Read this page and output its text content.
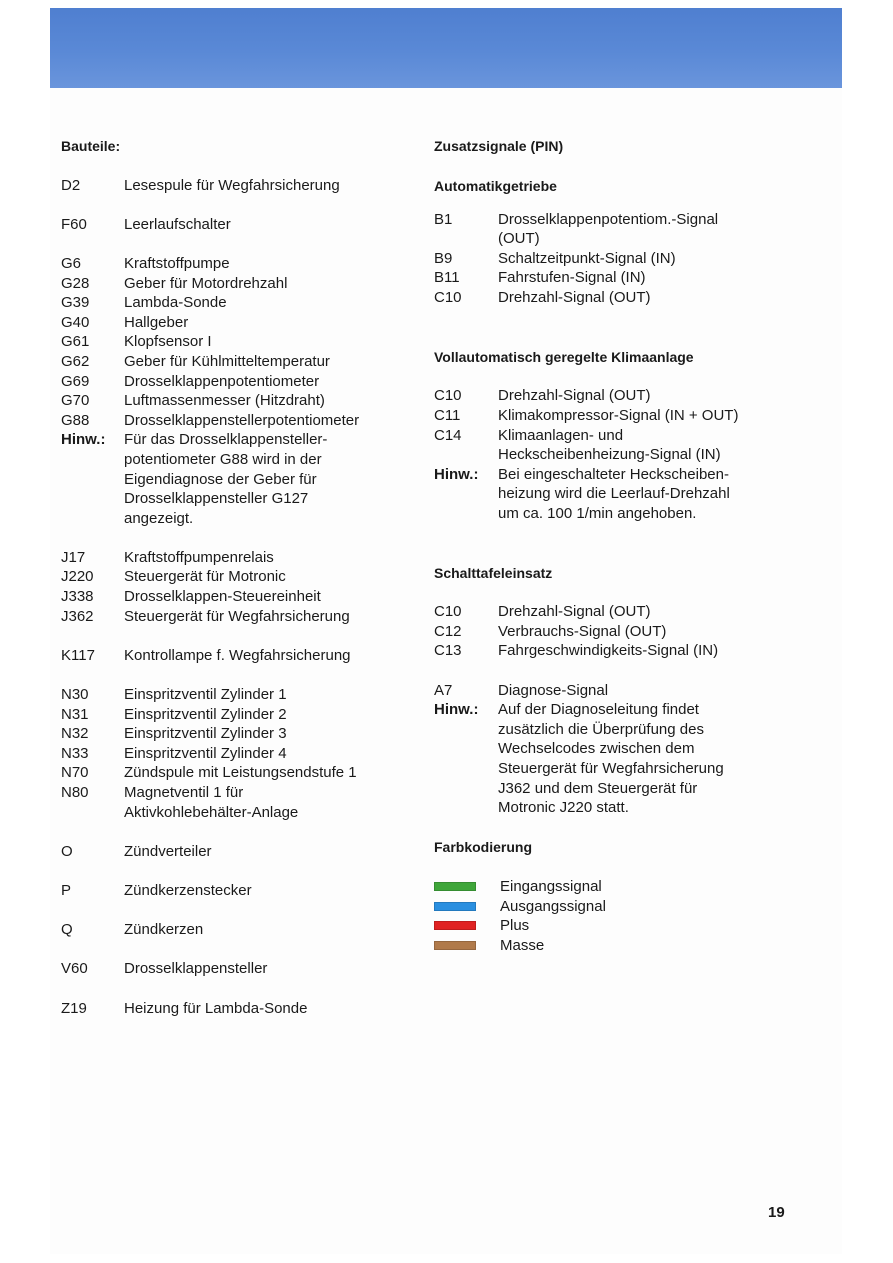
Bauteile:
D2	Lesespule für Wegfahrsicherung
F60	Leerlaufschalter
G6	Kraftstoffpumpe
G28	Geber für Motordrehzahl
G39	Lambda-Sonde
G40	Hallgeber
G61	Klopfsensor I
G62	Geber für Kühlmitteltemperatur
G69	Drosselklappenpotentiometer
G70	Luftmassenmesser (Hitzdraht)
G88	Drosselklappenstellerpotentiometer
Hinw.:	Für das Drosselklappensteller-
potentiometer G88 wird in der
Eigendiagnose der Geber für
Drosselklappensteller G127
angezeigt.
J17	Kraftstoffpumpenrelais
J220	Steuergerät für Motronic
J338	Drosselklappen-Steuereinheit
J362	Steuergerät für Wegfahrsicherung
K117	Kontrollampe f. Wegfahrsicherung
N30	Einspritzventil Zylinder 1
N31	Einspritzventil Zylinder 2
N32	Einspritzventil Zylinder 3
N33	Einspritzventil Zylinder 4
N70	Zündspule mit Leistungsendstufe 1
N80	Magnetventil 1 für
Aktivkohlebehälter-Anlage
O	Zündverteiler
P	Zündkerzenstecker
Q	Zündkerzen
V60	Drosselklappensteller
Z19	Heizung für Lambda-Sonde
Zusatzsignale (PIN)
Automatikgetriebe
B1	Drosselklappenpotentiom.-Signal
(OUT)
B9	Schaltzeitpunkt-Signal (IN)
B11	Fahrstufen-Signal (IN)
C10	Drehzahl-Signal (OUT)
Vollautomatisch geregelte Klimaanlage
C10	Drehzahl-Signal (OUT)
C11	Klimakompressor-Signal (IN + OUT)
C14	Klimaanlagen- und
Heckscheibenheizung-Signal (IN)
Hinw.:	Bei eingeschalteter Heckscheiben-
heizung wird die Leerlauf-Drehzahl
um ca. 100 1/min angehoben.
Schalttafeleinsatz
C10	Drehzahl-Signal (OUT)
C12	Verbrauchs-Signal (OUT)
C13	Fahrgeschwindigkeits-Signal (IN)
A7	Diagnose-Signal
Hinw.:	Auf der Diagnoseleitung findet
zusätzlich die Überprüfung des
Wechselcodes zwischen dem
Steuergerät für Wegfahrsicherung
J362 und dem Steuergerät für
Motronic J220 statt.
Farbkodierung
Eingangssignal
Ausgangssignal
Plus
Masse
19
